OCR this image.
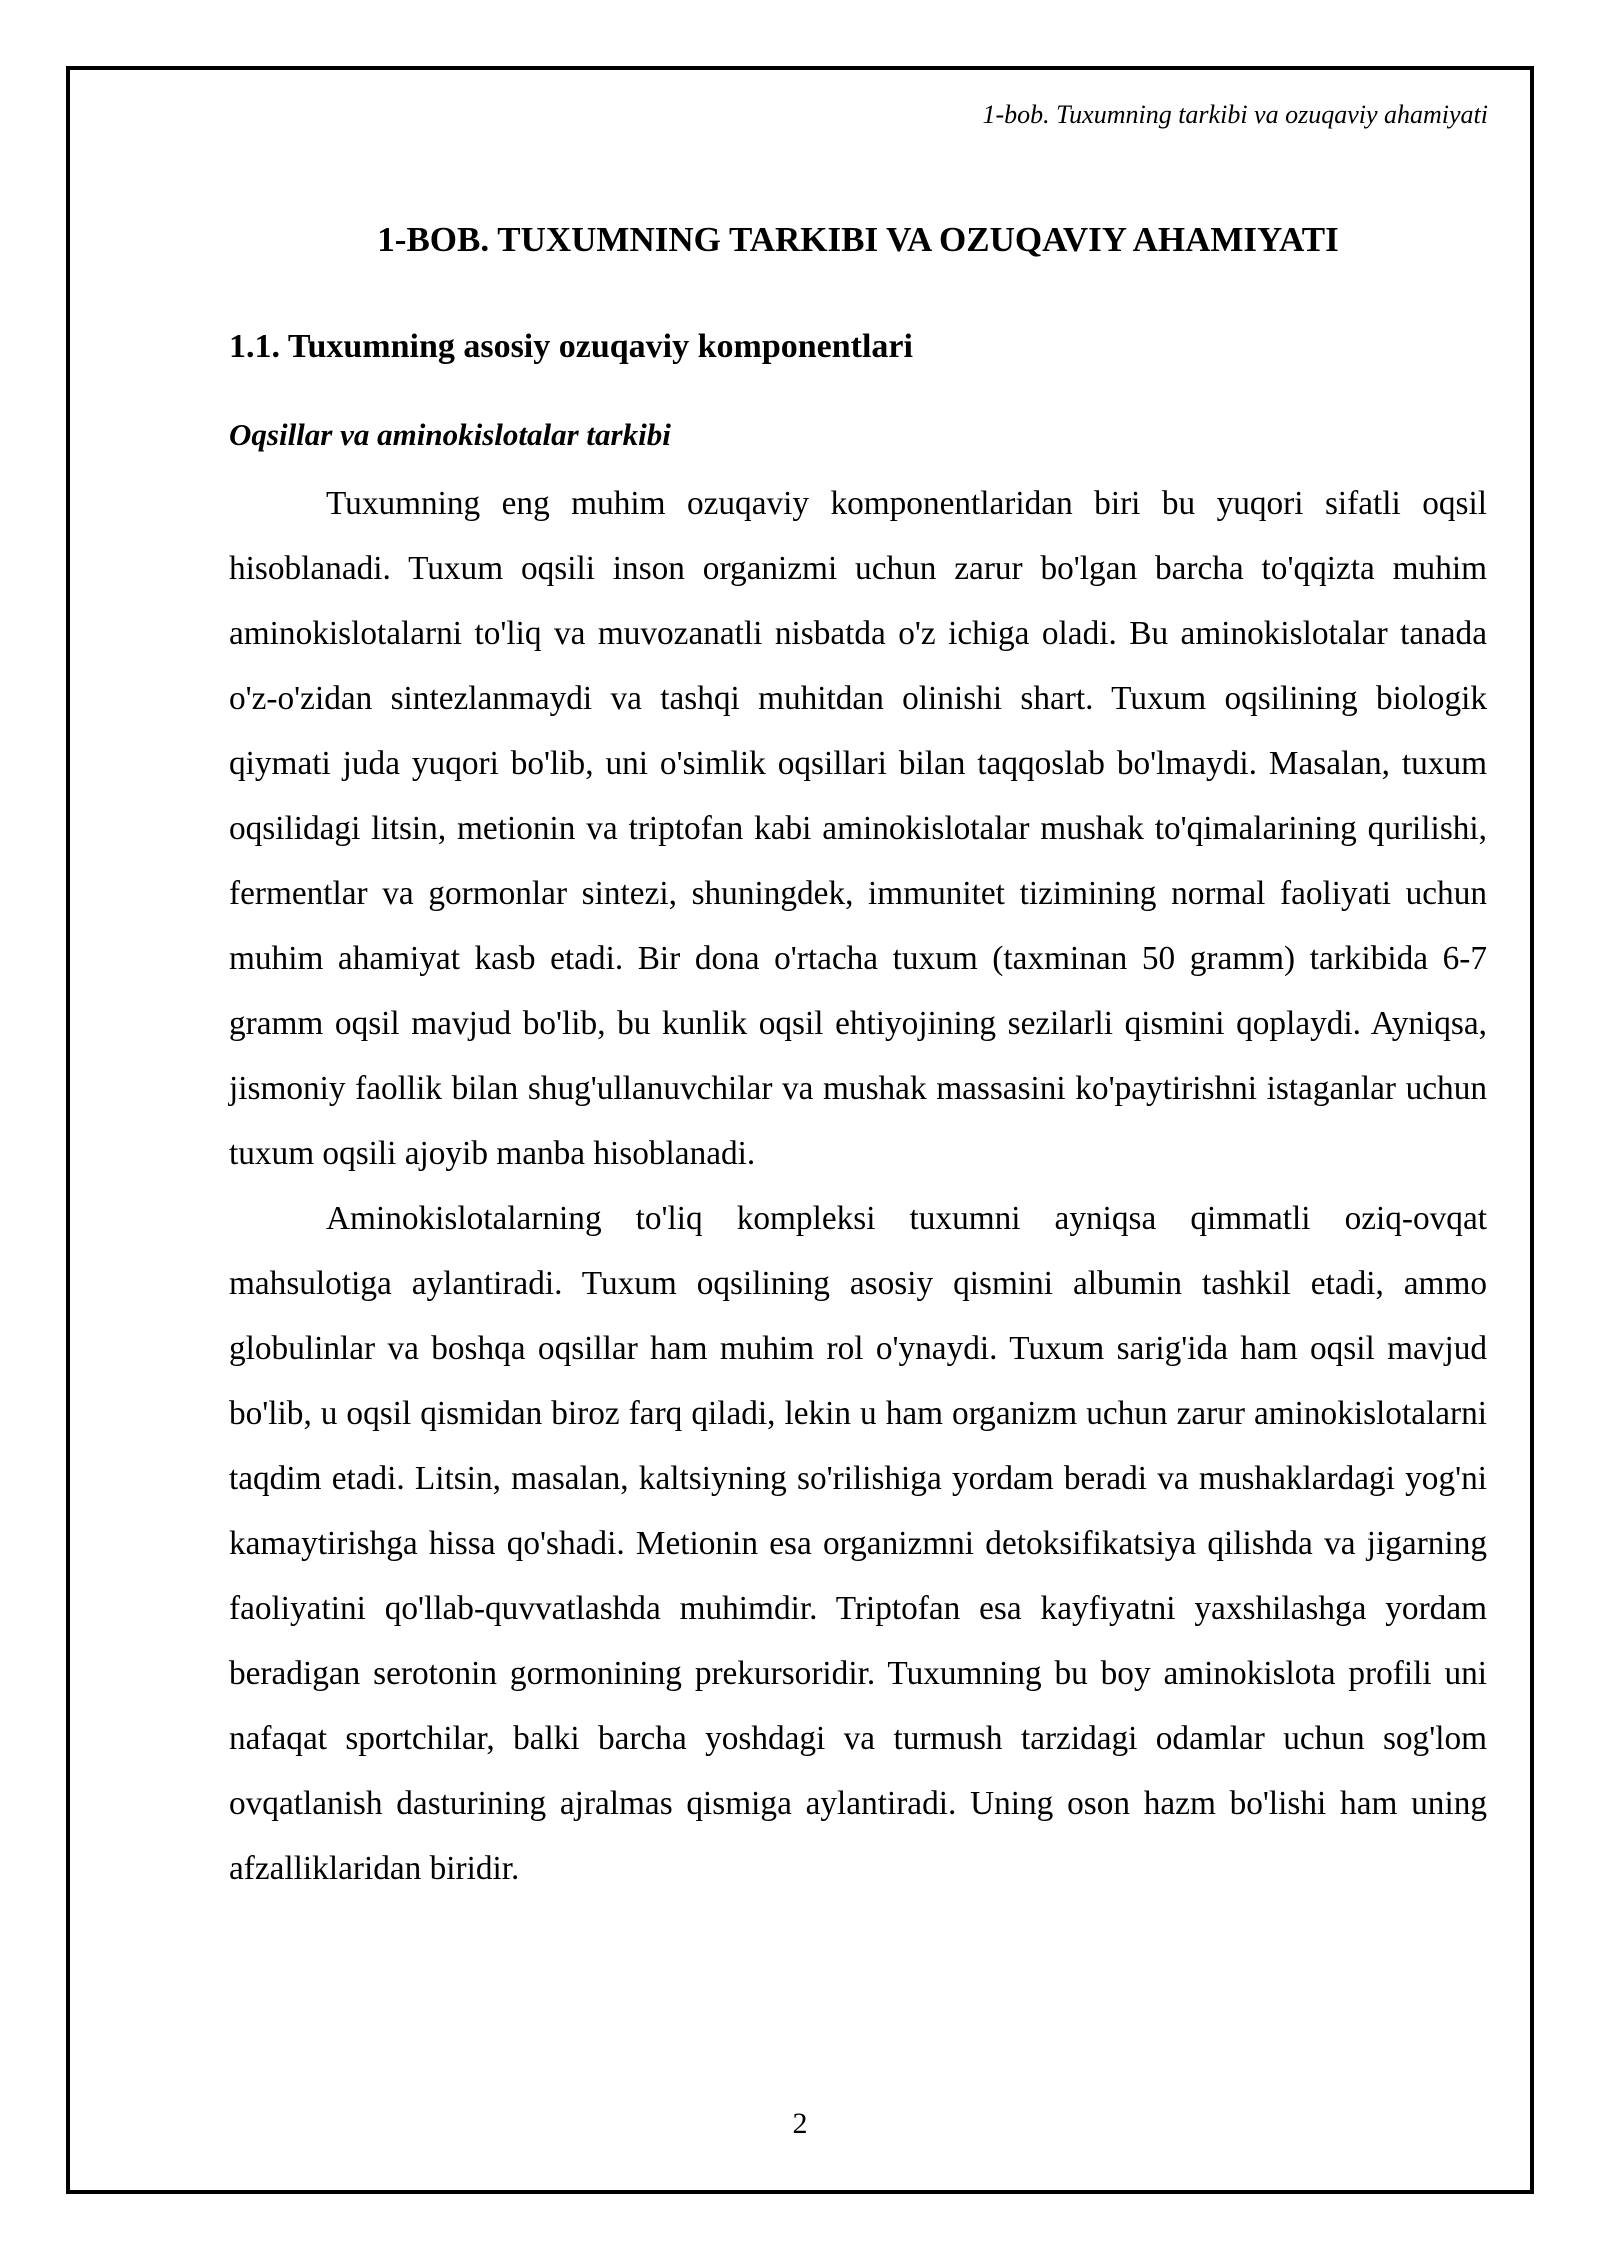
1-bob. Tuxumning tarkibi va ozuqaviy ahamiyati
1-BOB. TUXUMNING TARKIBI VA OZUQAVIY AHAMIYATI
1.1. Tuxumning asosiy ozuqaviy komponentlari
Oqsillar va aminokislotalar tarkibi

Tuxumning eng muhim ozuqaviy komponentlaridan biri bu yuqori sifatli oqsil hisoblanadi. Tuxum oqsili inson organizmi uchun zarur bo'lgan barcha to'qqizta muhim aminokislotalarni to'liq va muvozanatli nisbatda o'z ichiga oladi. Bu aminokislotalar tanada o'z-o'zidan sintezlanmaydi va tashqi muhitdan olinishi shart. Tuxum oqsilining biologik qiymati juda yuqori bo'lib, uni o'simlik oqsillari bilan taqqoslab bo'lmaydi. Masalan, tuxum oqsilidagi litsin, metionin va triptofan kabi aminokislotalar mushak to'qimalarining qurilishi, fermentlar va gormonlar sintezi, shuningdek, immunitet tizimining normal faoliyati uchun muhim ahamiyat kasb etadi. Bir dona o'rtacha tuxum (taxminan 50 gramm) tarkibida 6-7 gramm oqsil mavjud bo'lib, bu kunlik oqsil ehtiyojining sezilarli qismini qoplaydi. Ayniqsa, jismoniy faollik bilan shug'ullanuvchilar va mushak massasini ko'paytirishni istaganlar uchun tuxum oqsili ajoyib manba hisoblanadi.

Aminokislotalarning to'liq kompleksi tuxumni ayniqsa qimmatli oziq-ovqat mahsulotiga aylantiradi. Tuxum oqsilining asosiy qismini albumin tashkil etadi, ammo globulinlar va boshqa oqsillar ham muhim rol o'ynaydi. Tuxum sarig'ida ham oqsil mavjud bo'lib, u oqsil qismidan biroz farq qiladi, lekin u ham organizm uchun zarur aminokislotalarni taqdim etadi. Litsin, masalan, kaltsiyning so'rilishiga yordam beradi va mushaklardagi yog'ni kamaytirishga hissa qo'shadi. Metionin esa organizmni detoksifikatsiya qilishda va jigarning faoliyatini qo'llab-quvvatlashda muhimdir. Triptofan esa kayfiyatni yaxshilashga yordam beradigan serotonin gormonining prekursoridir. Tuxumning bu boy aminokislota profili uni nafaqat sportchilar, balki barcha yoshdagi va turmush tarzidagi odamlar uchun sog'lom ovqatlanish dasturining ajralmas qismiga aylantiradi. Uning oson hazm bo'lishi ham uning afzalliklaridan biridir.

2
